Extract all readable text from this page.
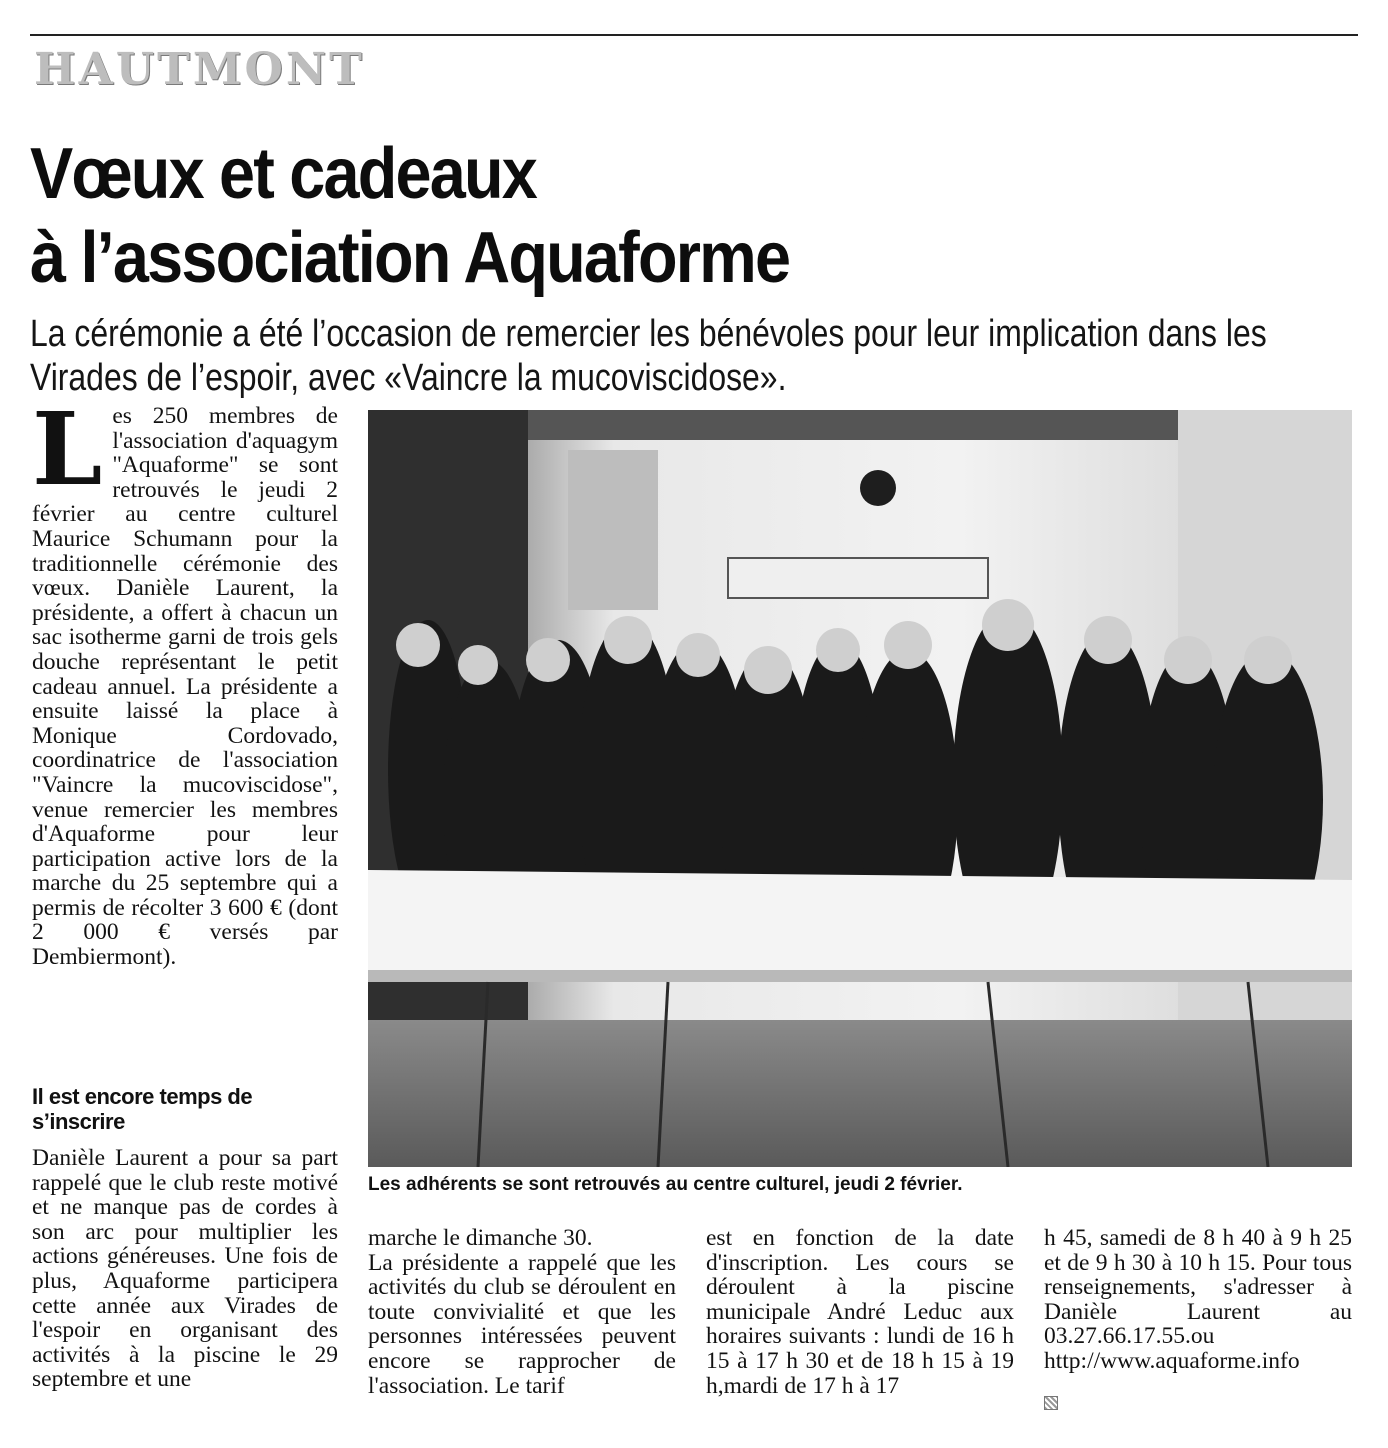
HAUTMONT
Vœux et cadeaux
à l’association Aquaforme
La cérémonie a été l’occasion de remercier les bénévoles pour leur implication dans les Virades de l’espoir, avec «Vaincre la mucoviscidose».
L es 250 membres de l'association d'aquagym "Aquaforme" se sont retrouvés le jeudi 2 février au centre culturel Maurice Schumann pour la traditionnelle cérémonie des vœux. Danièle Laurent, la présidente, a offert à chacun un sac isotherme garni de trois gels douche représentant le petit cadeau annuel. La présidente a ensuite laissé la place à Monique Cordovado, coordinatrice de l'association "Vaincre la mucoviscidose", venue remercier les membres d'Aquaforme pour leur participation active lors de la marche du 25 septembre qui a permis de récolter 3 600 € (dont 2 000 € versés par Dembiermont).

Il est encore temps de s’inscrire

Danièle Laurent a pour sa part rappelé que le club reste motivé et ne manque pas de cordes à son arc pour multiplier les actions généreuses. Une fois de plus, Aquaforme participera cette année aux Virades de l'espoir en organisant des activités à la piscine le 29 septembre et une

Les adhérents se sont retrouvés au centre culturel, jeudi 2 février.

marche le dimanche 30.

La présidente a rappelé que les activités du club se déroulent en toute convivialité et que les personnes intéressées peuvent encore se rapprocher de l'association. Le tarif

est en fonction de la date d'inscription. Les cours se déroulent à la piscine municipale André Leduc aux horaires suivants : lundi de 16 h 15 à 17 h 30 et de 18 h 15 à 19 h,mardi de 17 h à 17

h 45, samedi de 8 h 40 à 9 h 25 et de 9 h 30 à 10 h 15. Pour tous renseignements, s'adresser à Danièle Laurent au 03.27.66.17.55.ou http://www.aquaforme.info
